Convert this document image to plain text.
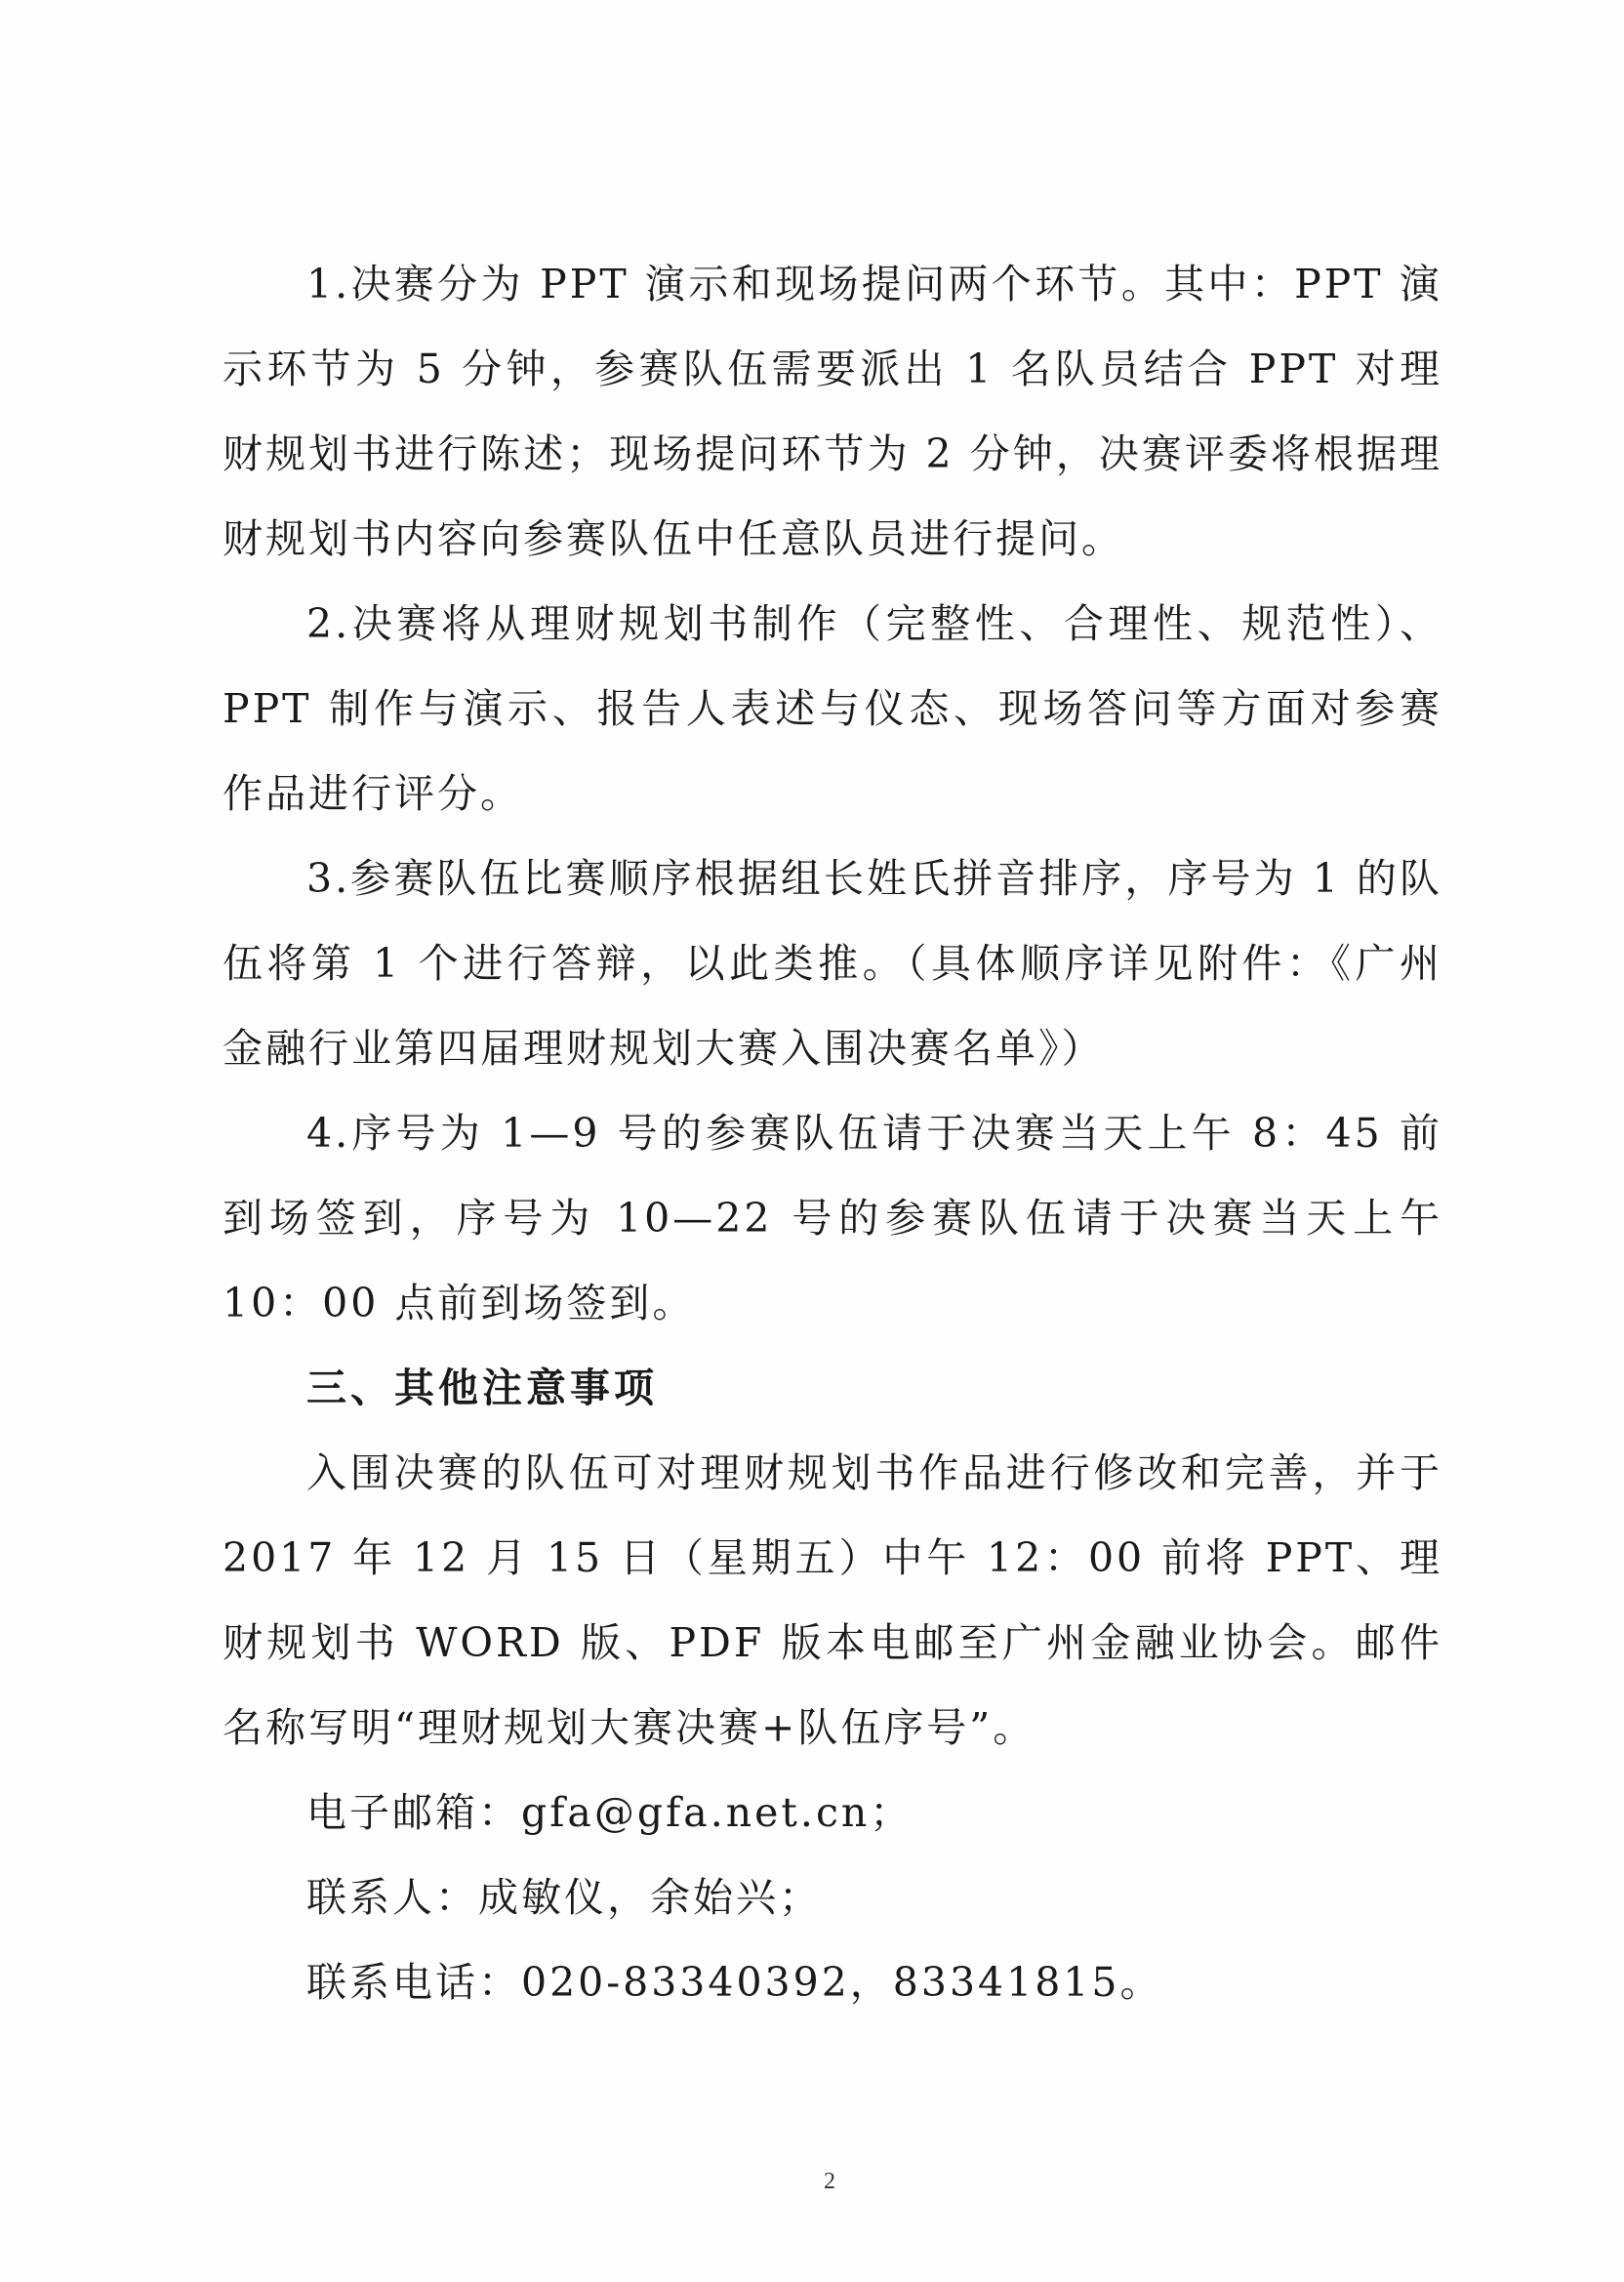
1.决赛分为 PPT 演示和现场提问两个环节。其中：PPT 演示环节为 5 分钟，参赛队伍需要派出 1 名队员结合 PPT 对理财规划书进行陈述；现场提问环节为 2 分钟，决赛评委将根据理财规划书内容向参赛队伍中任意队员进行提问。

2.决赛将从理财规划书制作（完整性、合理性、规范性）、PPT 制作与演示、报告人表述与仪态、现场答问等方面对参赛作品进行评分。

3.参赛队伍比赛顺序根据组长姓氏拼音排序，序号为 1 的队伍将第 1 个进行答辩，以此类推。（具体顺序详见附件：《广州金融行业第四届理财规划大赛入围决赛名单》）

4.序号为 1—9 号的参赛队伍请于决赛当天上午 8：45 前到场签到，序号为 10—22 号的参赛队伍请于决赛当天上午 10：00 点前到场签到。

三、其他注意事项

入围决赛的队伍可对理财规划书作品进行修改和完善，并于 2017 年 12 月 15 日（星期五）中午 12：00 前将 PPT、理财规划书 WORD 版、PDF 版本电邮至广州金融业协会。邮件名称写明“理财规划大赛决赛+队伍序号”。

电子邮箱：gfa@gfa.net.cn；

联系人：成敏仪，余始兴；

联系电话：020-83340392，83341815。

2
